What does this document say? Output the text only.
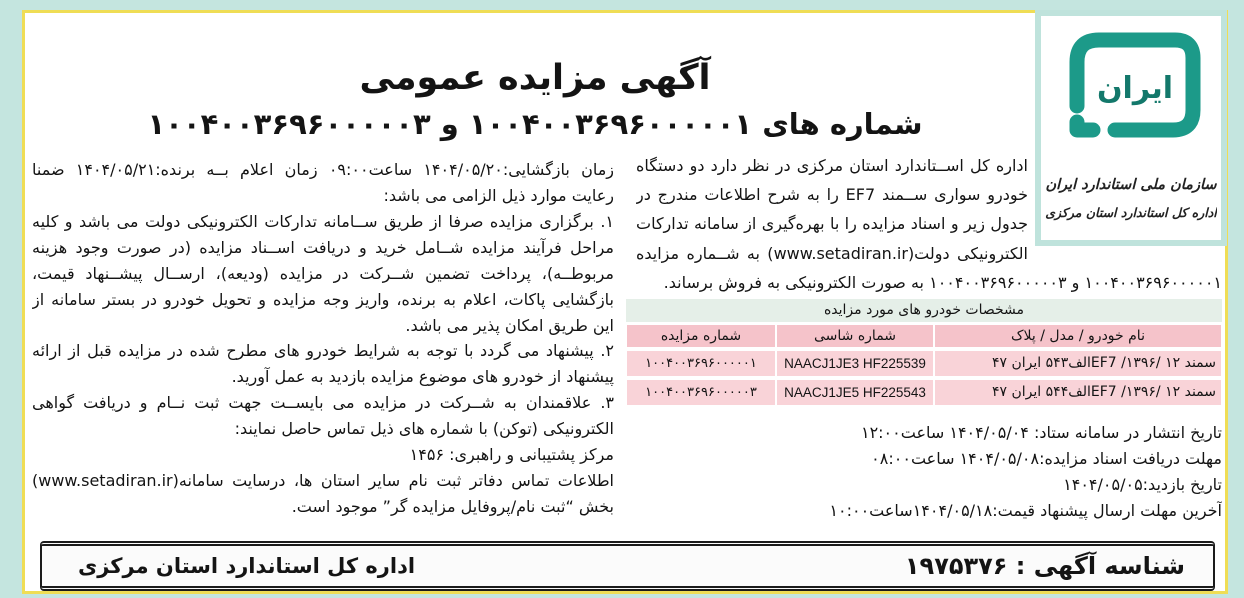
ایران
سازمان ملی استاندارد ایران
اداره کل استاندارد استان مرکزی
آگهی مزایده عمومی
شماره های ۱۰۰۴۰۰۳۶۹۶۰۰۰۰۰۱ و ۱۰۰۴۰۰۳۶۹۶۰۰۰۰۰۳
اداره کل اســتاندارد استان مرکزی در نظر دارد دو دستگاه
خودرو سواری ســمند EF7 را به شرح اطلاعات مندرج در
جدول زیر و اسناد مزایده را با بهره‌گیری از سامانه تدارکات
الکترونیکی دولت(www.setadiran.ir) به شــماره مزایده
۱۰۰۴۰۰۳۶۹۶۰۰۰۰۰۱ و ۱۰۰۴۰۰۳۶۹۶۰۰۰۰۰۳ به صورت الکترونیکی به فروش برساند.
مشخصات خودرو های مورد مزایده
نام خودرو / مدل / پلاک
شماره شاسی
شماره مزایده
سمند EF7 /۱۳۹۶/ ۱۲الف۵۴۳ ایران ۴۷
NAACJ1JE3 HF225539
۱۰۰۴۰۰۳۶۹۶۰۰۰۰۰۱
سمند EF7 /۱۳۹۶/ ۱۲الف۵۴۴ ایران ۴۷
NAACJ1JE5 HF225543
۱۰۰۴۰۰۳۶۹۶۰۰۰۰۰۳
تاریخ انتشار در سامانه ستاد: ۱۴۰۴/۰۵/۰۴ ساعت۱۲:۰۰
مهلت دریافت اسناد مزایده:۱۴۰۴/۰۵/۰۸ ساعت۰۸:۰۰
تاریخ بازدید:۱۴۰۴/۰۵/۰۵
آخرین مهلت ارسال پیشنهاد قیمت:۱۴۰۴/۰۵/۱۸ساعت۱۰:۰۰
زمان بازگشایی:۱۴۰۴/۰۵/۲۰ ساعت۰۹:۰۰ زمان اعلام بــه برنده:۱۴۰۴/۰۵/۲۱ ضمنا
رعایت موارد ذیل الزامی می باشد:
۱. برگزاری مزایده صرفا از طریق ســامانه تدارکات الکترونیکی دولت می باشد و کلیه
مراحل فرآیند مزایده شــامل خرید و دریافت اســناد مزایده (در صورت وجود هزینه
مربوطــه)، پرداخت تضمین شــرکت در مزایده (ودیعه)، ارســال پیشــنهاد قیمت،
بازگشایی پاکات، اعلام به برنده، واریز وجه مزایده و تحویل خودرو در بستر سامانه از
این طریق امکان پذیر می باشد.
۲. پیشنهاد می گردد با توجه به شرایط خودرو های مطرح شده در مزایده قبل از ارائه
پیشنهاد از خودرو های موضوع مزایده بازدید به عمل آورید.
۳. علاقمندان به شــرکت در مزایده می بایســت جهت ثبت نــام و دریافت گواهی
الکترونیکی (توکن) با شماره های ذیل تماس حاصل نمایند:
مرکز پشتیبانی و راهبری: ۱۴۵۶
اطلاعات تماس دفاتر ثبت نام سایر استان ها، درسایت سامانه(www.setadiran.ir)
بخش “ثبت نام/پروفایل مزایده گر” موجود است.
شناسه آگهی : ۱۹۷۵۳۷۶
اداره کل استاندارد استان مرکزی
